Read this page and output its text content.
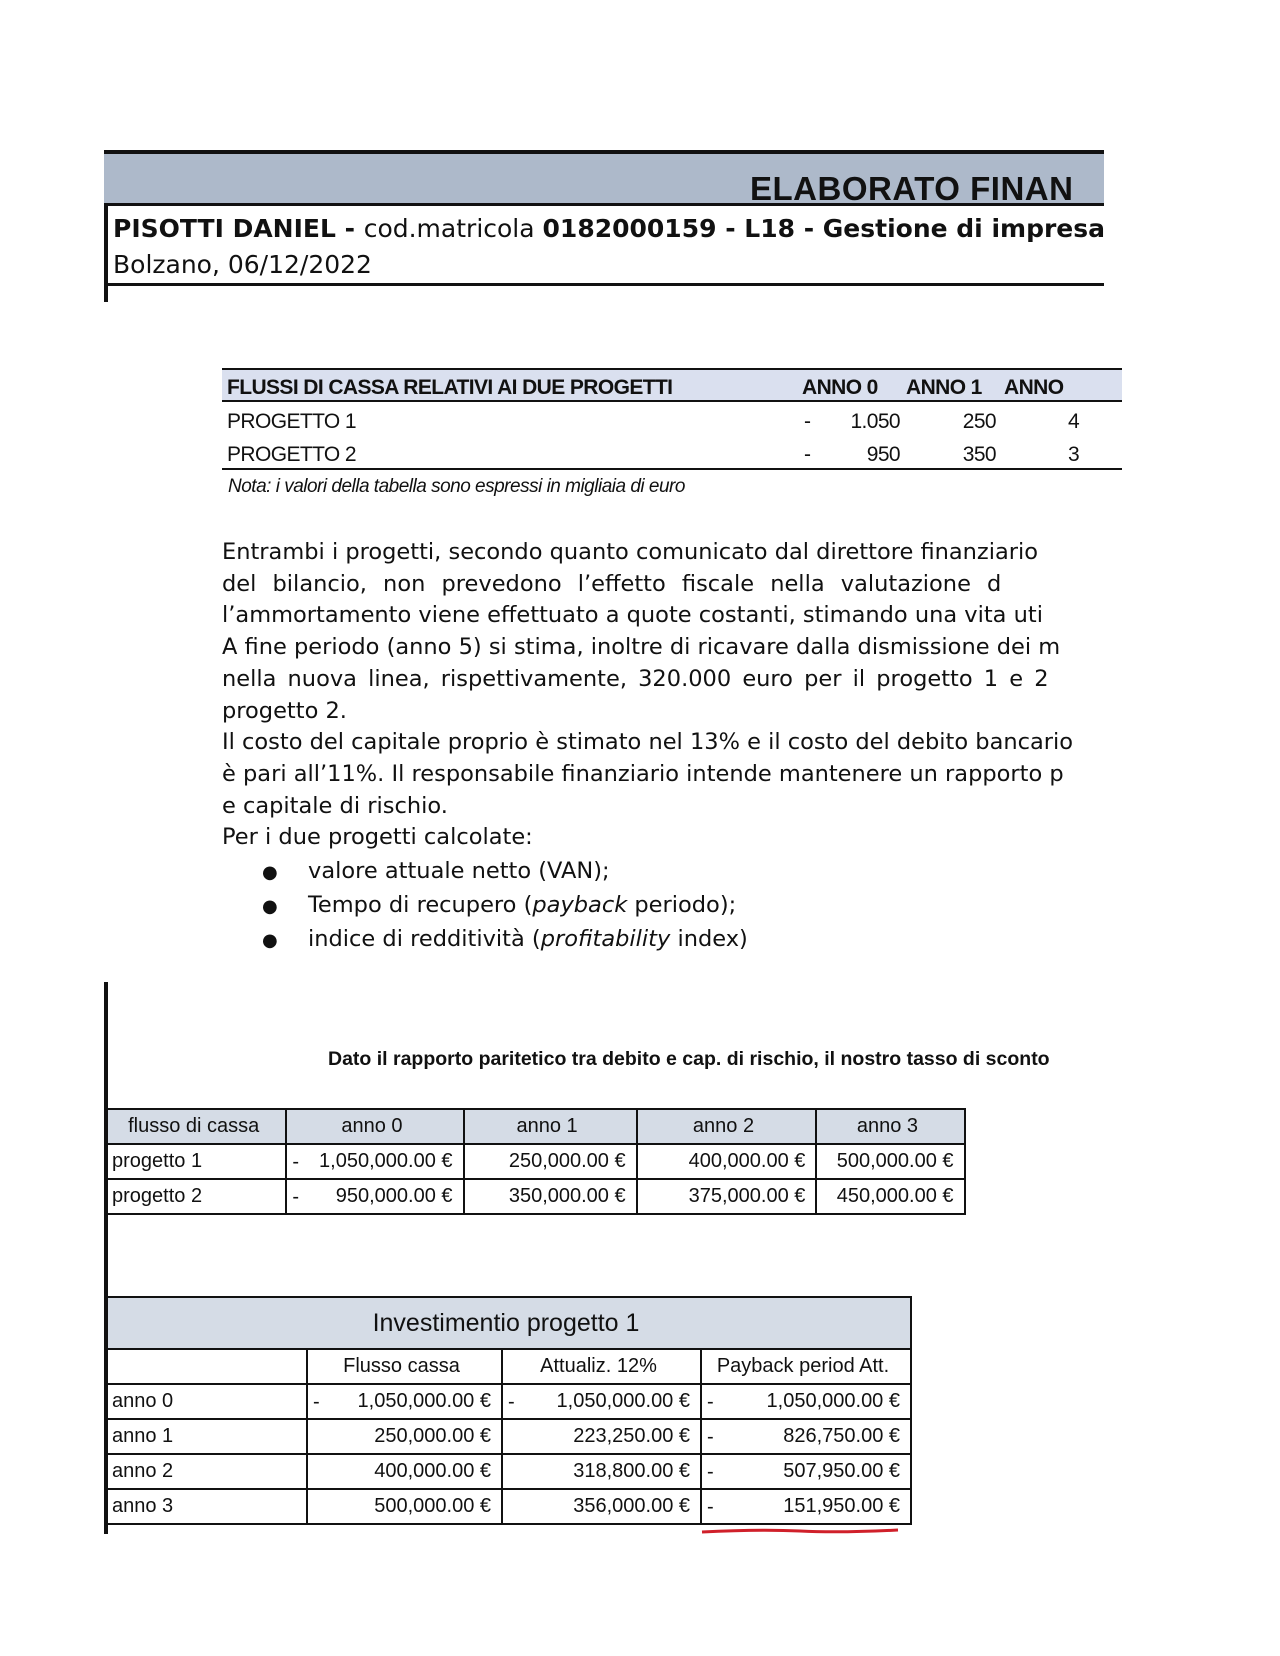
ELABORATO FINAN
PISOTTI DANIEL - cod.matricola 0182000159 - L18 - Gestione di impresa
Bolzano, 06/12/2022
FLUSSI DI CASSA RELATIVI AI DUE PROGETTI	ANNO 0 ANNO 1 ANNO
PROGETTO 1	- 1.050	250	4
PROGETTO 2	-	950	350	3
Nota: i valori della tabella sono espressi in migliaia di euro
Entrambi i progetti, secondo quanto comunicato dal direttore finanziario
del bilancio, non prevedono l’effetto fiscale nella valutazione d
l’ammortamento viene effettuato a quote costanti, stimando una vita uti
A fine periodo (anno 5) si stima, inoltre di ricavare dalla dismissione dei m
nella nuova linea, rispettivamente, 320.000 euro per il progetto 1 e 2
progetto 2.
Il costo del capitale proprio è stimato nel 13% e il costo del debito bancario
è pari all’11%. Il responsabile finanziario intende mantenere un rapporto p
e capitale di rischio.
Per i due progetti calcolate:
● valore attuale netto (VAN);
● Tempo di recupero (payback periodo);
● indice di redditività (profitability index)
Dato il rapporto paritetico tra debito e cap. di rischio, il nostro tasso di sconto
flusso di cassa	anno 0	anno 1	anno 2	anno 3	
progetto 1	- 1,050,000.00 €	250,000.00 €	400,000.00 €	500,000.00 €	
progetto 2	- 950,000.00 €	350,000.00 €	375,000.00 €	450,000.00 €	
Investimentio progetto 1			
	Flusso cassa	Attualiz. 12%	Payback period Att.
anno 0	- 1,050,000.00 €	- 1,050,000.00 €	- 1,050,000.00 €
anno 1	250,000.00 €	223,250.00 €	- 826,750.00 €
anno 2	400,000.00 €	318,800.00 €	- 507,950.00 €
anno 3	500,000.00 €	356,000.00 €	- 151,950.00 €
